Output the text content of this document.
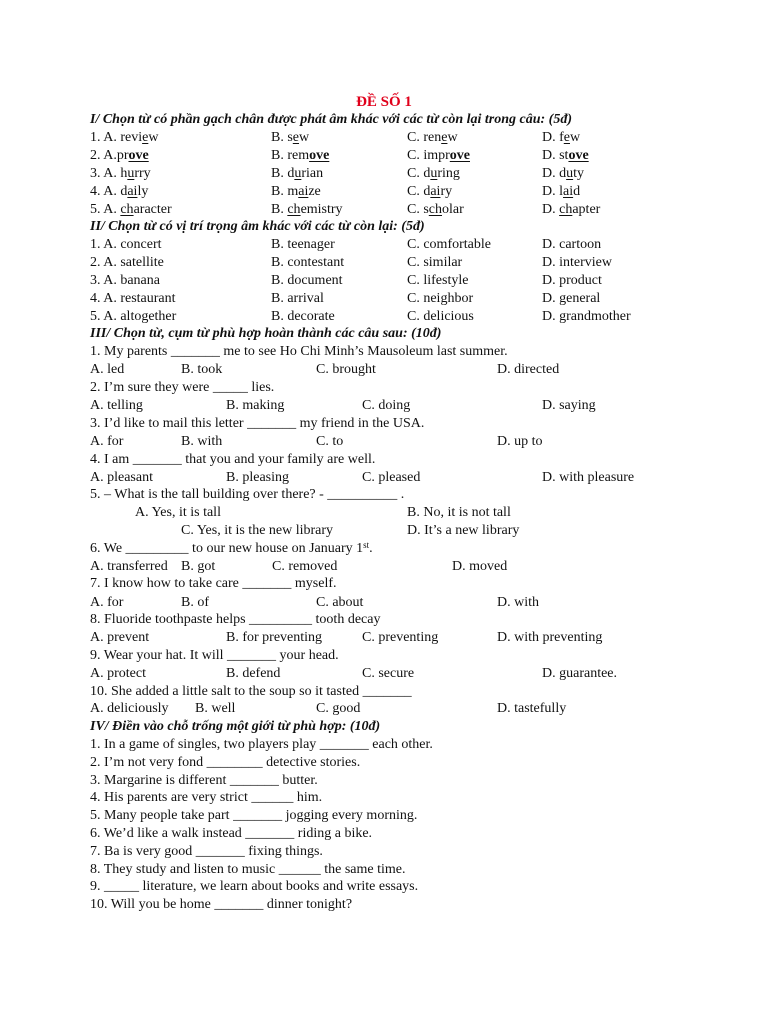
ĐỀ SỐ 1
I/ Chọn từ có phần gạch chân được phát âm khác với các từ còn lại trong câu: (5đ)
1. A. review	B. sew	C. renew	D. few
2. A.prove	B. remove	C. improve	D. stove
3. A. hurry	B. durian	C. during	D. duty
4. A. daily	B. maize	C. dairy	D. laid
5. A. character	B. chemistry	C. scholar	D. chapter
II/ Chọn từ có vị trí trọng âm khác với các từ còn lại: (5đ)
1. A. concert	B. teenager	C. comfortable	D. cartoon
2. A. satellite	B. contestant	C. similar	D. interview
3. A. banana	B. document	C. lifestyle	D. product
4. A. restaurant	B. arrival	C. neighbor	D. general
5. A. altogether	B. decorate	C. delicious	D. grandmother
III/ Chọn từ, cụm từ phù hợp hoàn thành các câu sau: (10đ)
1. My parents _______ me to see Ho Chi Minh’s Mausoleum last summer.
A. led	B. took	C. brought	D. directed
2. I’m sure they were _____ lies.
A. telling	B. making	C. doing	D. saying
3. I’d like to mail this letter _______ my friend in the USA.
A. for	B. with	C. to	D. up to
4. I am _______ that you and your family are well.
A. pleasant	B. pleasing	C. pleased	D. with pleasure
5. – What is the tall building over there? - __________ .
A. Yes, it is tall	B. No, it is not tall
C. Yes, it is the new library	D. It’s a new library
6. We _________ to our new house on January 1st.
A. transferred B. got	C. removed	D. moved
7. I know how to take care _______ myself.
A. for	B. of	C. about	D. with
8. Fluoride toothpaste helps _________ tooth decay
A. prevent	B. for preventing	C. preventing	D. with preventing
9. Wear your hat. It will _______ your head.
A. protect	B. defend	C. secure	D. guarantee.
10. She added a little salt to the soup so it tasted _______
A. deliciously B. well	C. good	D. tastefully
IV/ Điền vào chỗ trống một giới từ phù hợp: (10đ)
1. In a game of singles, two players play _______ each other.
2. I’m not very fond ________ detective stories.
3. Margarine is different _______ butter.
4. His parents are very strict ______ him.
5. Many people take part _______ jogging every morning.
6. We’d like a walk instead _______ riding a bike.
7. Ba is very good _______ fixing things.
8. They study and listen to music ______ the same time.
9. _____ literature, we learn about books and write essays.
10. Will you be home _______ dinner tonight?
